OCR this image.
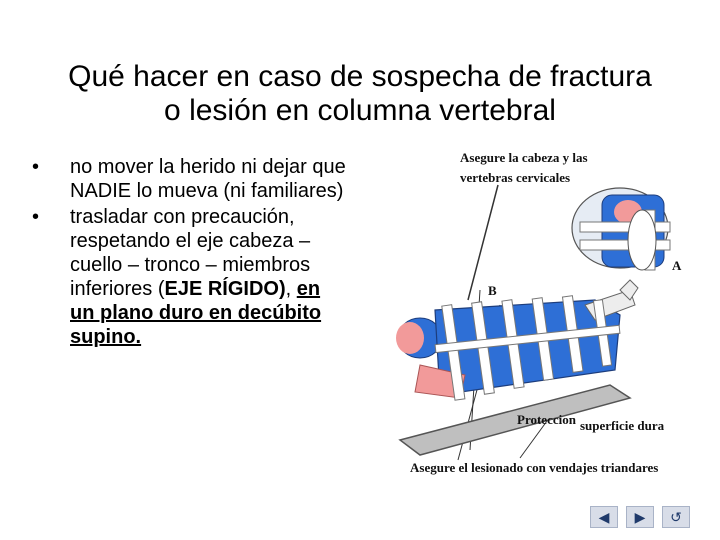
Qué hacer en caso de sospecha de fractura
o lesión en columna vertebral
•	no mover la herido ni dejar que NADIE lo mueva (ni familiares)
•	trasladar con precaución, respetando el eje cabeza – cuello – tronco – miembros inferiores (EJE RÍGIDO), en un plano duro en decúbito supino.
Asegure la cabeza y las
vertebras cervicales
A
B
Proteccion superficie dura
Asegure el lesionado con vendajes triandares
◀ ▶ ↺
